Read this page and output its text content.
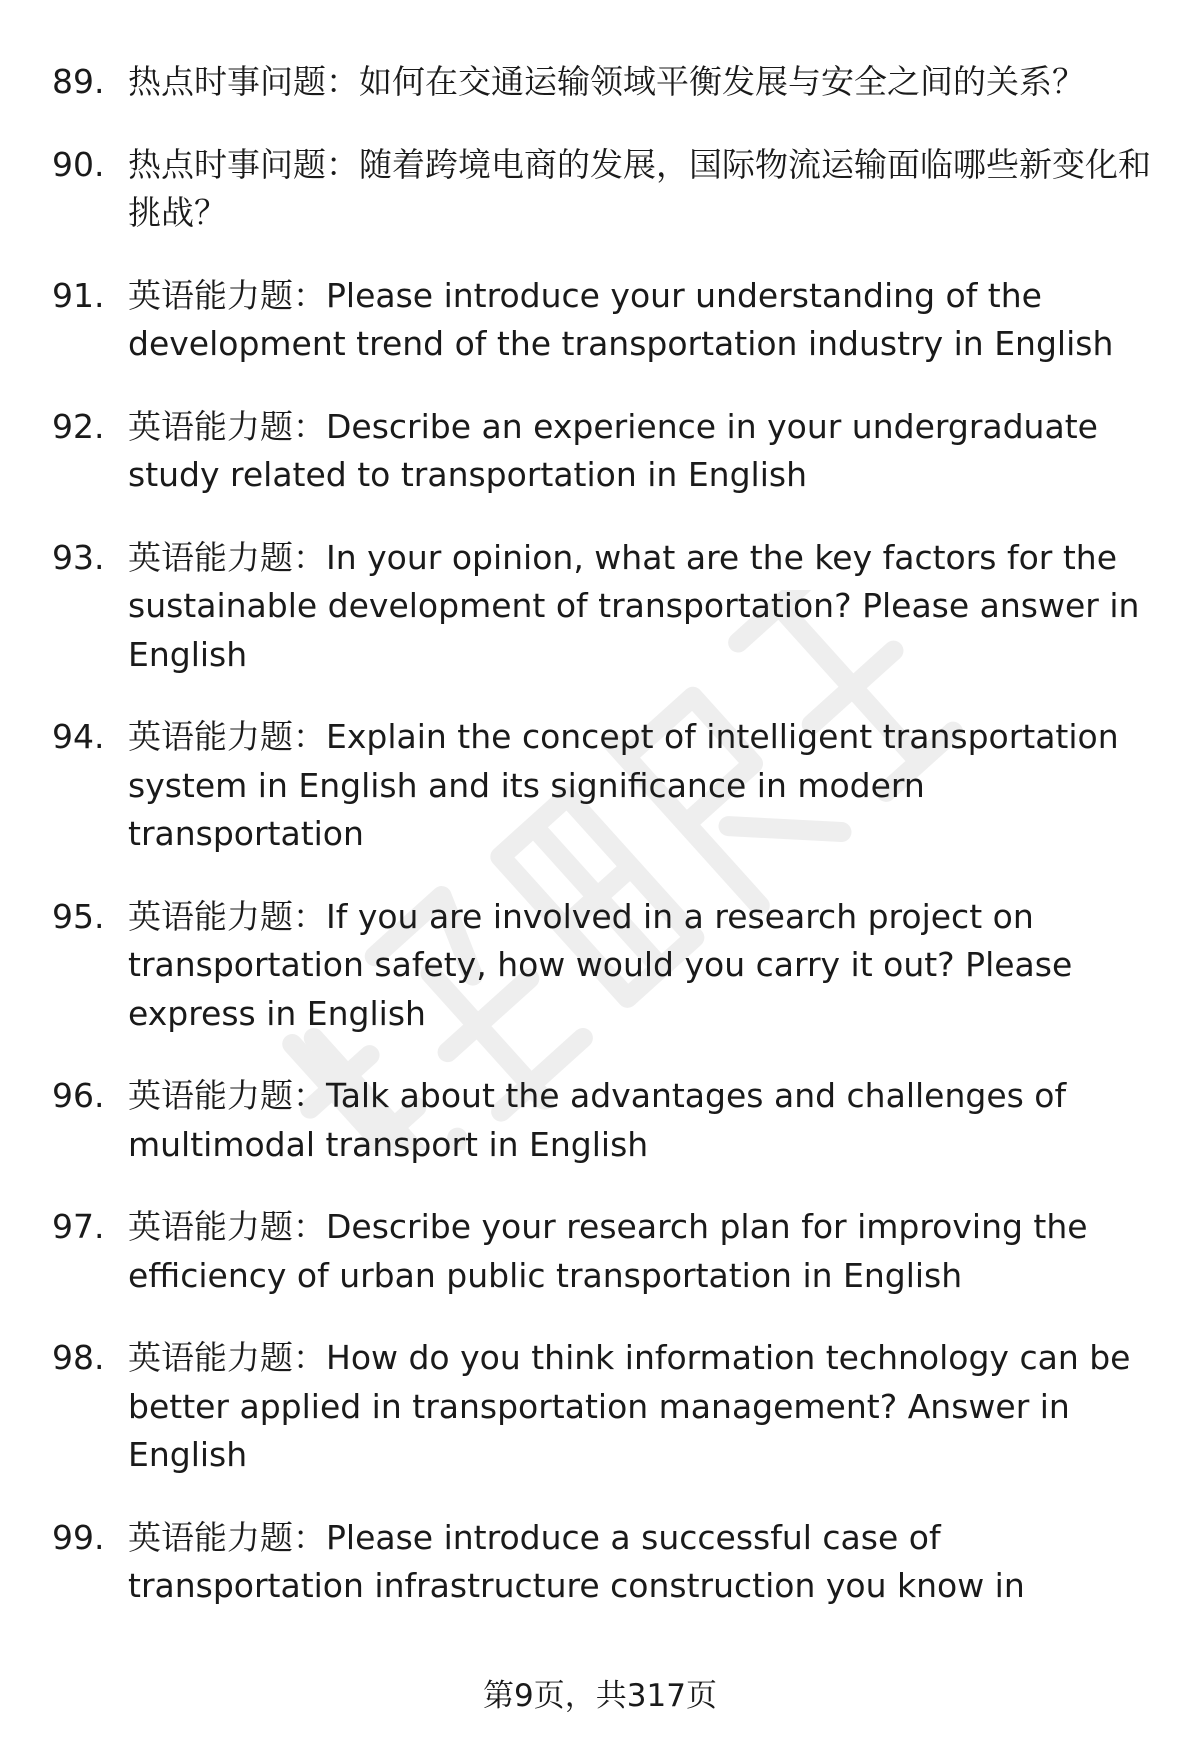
89. 热点时事问题：如何在交通运输领域平衡发展与安全之间的关系？
90. 热点时事问题：随着跨境电商的发展，国际物流运输面临哪些新变化和挑战？
91. 英语能力题：Please introduce your understanding of the development trend of the transportation industry in English
92. 英语能力题：Describe an experience in your undergraduate study related to transportation in English
93. 英语能力题：In your opinion, what are the key factors for the sustainable development of transportation? Please answer in English
94. 英语能力题：Explain the concept of intelligent transportation system in English and its significance in modern transportation
95. 英语能力题：If you are involved in a research project on transportation safety, how would you carry it out? Please express in English
96. 英语能力题：Talk about the advantages and challenges of multimodal transport in English
97. 英语能力题：Describe your research plan for improving the efficiency of urban public transportation in English
98. 英语能力题：How do you think information technology can be better applied in transportation management? Answer in English
99. 英语能力题：Please introduce a successful case of transportation infrastructure construction you know in
第9页，共317页
